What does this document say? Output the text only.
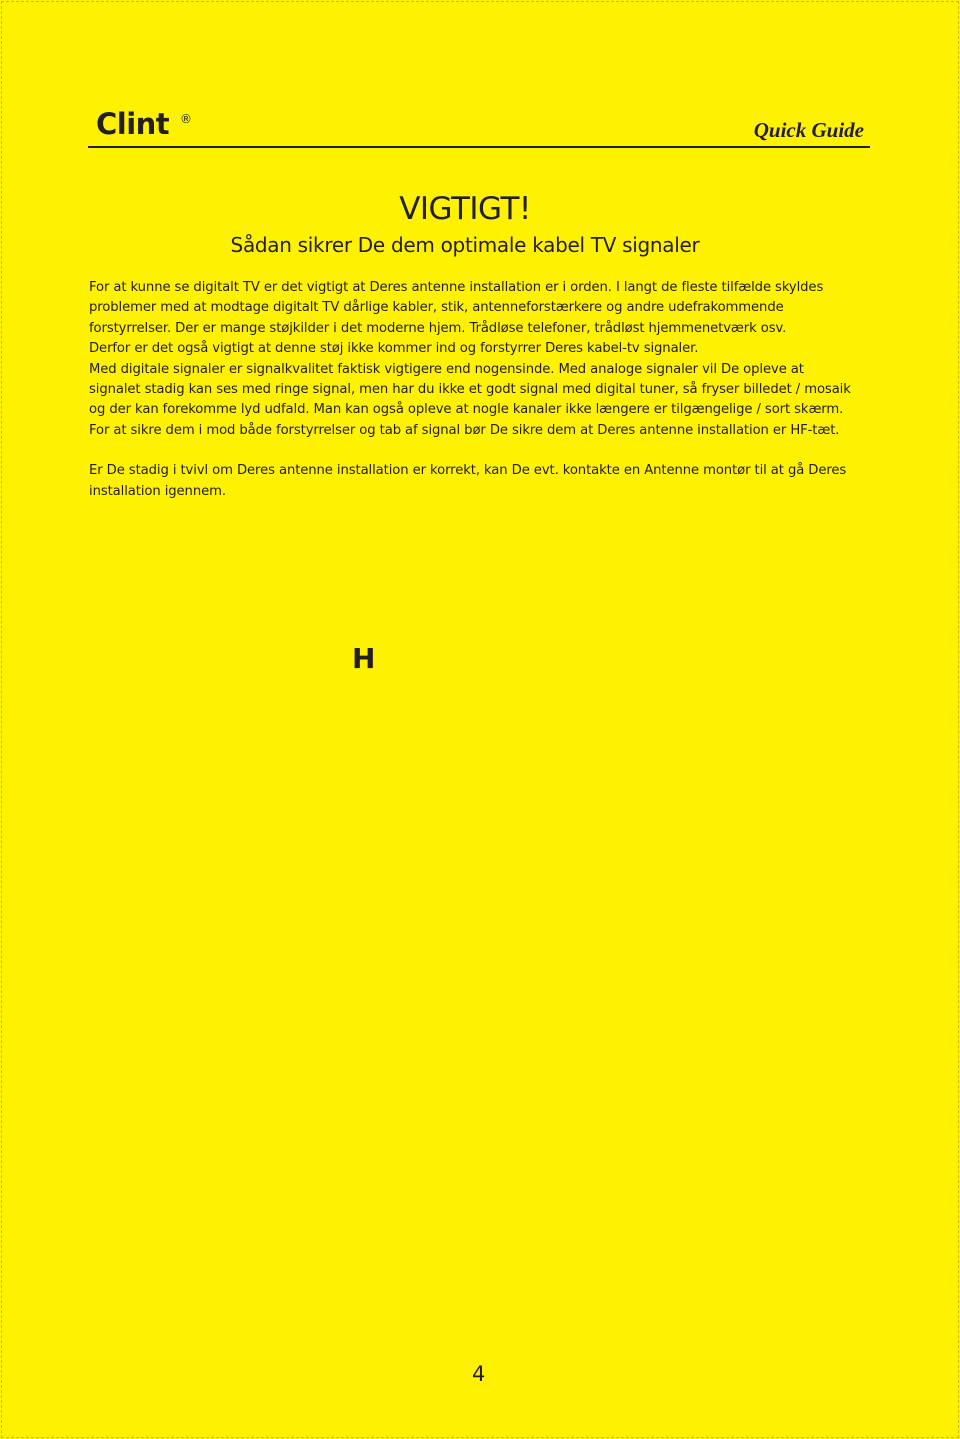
Clint ®	Quick Guide
VIGTIGT!
Sådan sikrer De dem optimale kabel TV signaler

For at kunne se digitalt TV er det vigtigt at Deres antenne installation er i orden. I langt de fleste tilfælde skyldes

problemer med at modtage digitalt TV dårlige kabler, stik, antenneforstærkere og andre udefrakommende

forstyrrelser. Der er mange støjkilder i det moderne hjem. Trådløse telefoner, trådløst hjemmenetværk osv.

Derfor er det også vigtigt at denne støj ikke kommer ind og forstyrrer Deres kabel-tv signaler.

Med digitale signaler er signalkvalitet faktisk vigtigere end nogensinde. Med analoge signaler vil De opleve at

signalet stadig kan ses med ringe signal, men har du ikke et godt signal med digital tuner, så fryser billedet / mosaik

og der kan forekomme lyd udfald. Man kan også opleve at nogle kanaler ikke længere er tilgængelige / sort skærm.

For at sikre dem i mod både forstyrrelser og tab af signal bør De sikre dem at Deres antenne installation er HF-tæt.

Er De stadig i tvivl om Deres antenne installation er korrekt, kan De evt. kontakte en Antenne montør til at gå Deres

installation igennem.

H
4
